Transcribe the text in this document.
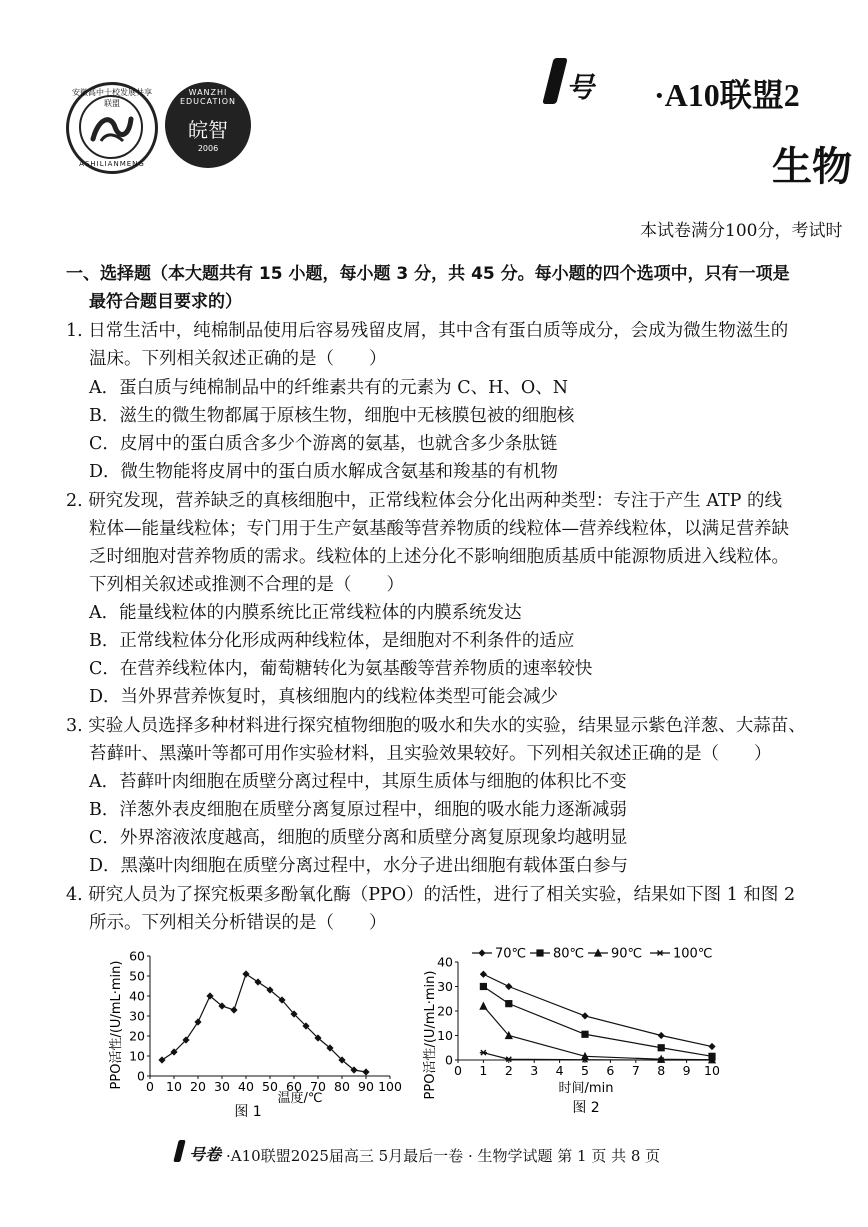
安徽高中十校发展共享联盟
ASHILIANMENG
WANZHI EDUCATION
皖智
2006
号 ·A10联盟2
生物
本试卷满分100分，考试时
一、选择题（本大题共有 15 小题，每小题 3 分，共 45 分。每小题的四个选项中，只有一项是
最符合题目要求的）
1. 日常生活中，纯棉制品使用后容易残留皮屑，其中含有蛋白质等成分，会成为微生物滋生的
温床。下列相关叙述正确的是（　　）
A．蛋白质与纯棉制品中的纤维素共有的元素为 C、H、O、N
B．滋生的微生物都属于原核生物，细胞中无核膜包被的细胞核
C．皮屑中的蛋白质含多少个游离的氨基，也就含多少条肽链
D．微生物能将皮屑中的蛋白质水解成含氨基和羧基的有机物
2. 研究发现，营养缺乏的真核细胞中，正常线粒体会分化出两种类型：专注于产生 ATP 的线
粒体—能量线粒体；专门用于生产氨基酸等营养物质的线粒体—营养线粒体，以满足营养缺
乏时细胞对营养物质的需求。线粒体的上述分化不影响细胞质基质中能源物质进入线粒体。
下列相关叙述或推测不合理的是（　　）
A．能量线粒体的内膜系统比正常线粒体的内膜系统发达
B．正常线粒体分化形成两种线粒体，是细胞对不利条件的适应
C．在营养线粒体内，葡萄糖转化为氨基酸等营养物质的速率较快
D．当外界营养恢复时，真核细胞内的线粒体类型可能会减少
3. 实验人员选择多种材料进行探究植物细胞的吸水和失水的实验，结果显示紫色洋葱、大蒜苗、
苔藓叶、黑藻叶等都可用作实验材料，且实验效果较好。下列相关叙述正确的是（　　）
A．苔藓叶肉细胞在质壁分离过程中，其原生质体与细胞的体积比不变
B．洋葱外表皮细胞在质壁分离复原过程中，细胞的吸水能力逐渐减弱
C．外界溶液浓度越高，细胞的质壁分离和质壁分离复原现象均越明显
D．黑藻叶肉细胞在质壁分离过程中，水分子进出细胞有载体蛋白参与
4. 研究人员为了探究板栗多酚氧化酶（PPO）的活性，进行了相关实验，结果如下图 1 和图 2
所示。下列相关分析错误的是（　　）
0 10 20 30 40 50 60 70 80 90 100
0
10
20
30
40
50
60
PPO活性/(U/mL·min)
温度/℃
图 1
70℃ 80℃ 90℃ 100℃
0 1 2 3 4 5 6 7 8 9 10
0
10
20
30
40
PPO活性/(U/mL·min)	时间/min
图 2
号卷 ·A10联盟2025届高三 5月最后一卷 · 生物学试题 第 1 页 共 8 页
